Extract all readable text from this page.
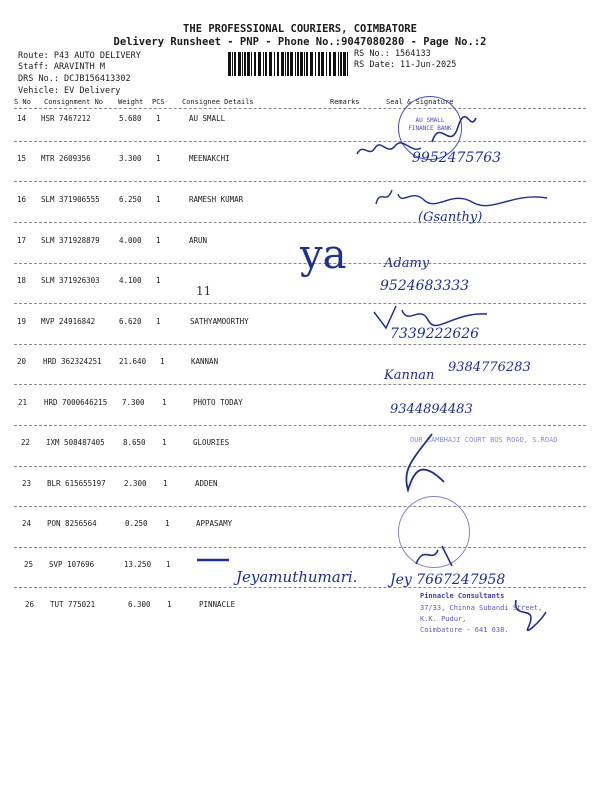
THE PROFESSIONAL COURIERS, COIMBATORE
Delivery Runsheet - PNP - Phone No.:9047080280 - Page No.:2
Route: P43 AUTO DELIVERY
Staff: ARAVINTH M
DRS No.: DCJB156413302
Vehicle: EV Delivery
RS No.: 1564133
RS Date: 11-Jun-2025
S No Consignment No Weight PCS Consignee Details	Remarks	Seal & Signature
14 HSR 7467212	5.680 1	AU SMALL
15 MTR 2609356	3.300 1	MEENAKCHI
16 SLM 371906555	6.250 1	RAMESH KUMAR
17 SLM 371928879	4.000 1	ARUN
18 SLM 371926303	4.100 1
19 MVP 24916842	6.620 1	SATHYAMOORTHY
20 HRD 362324251 21.640 1	KANNAN
21 HRD 7000646215 7.300 1	PHOTO TODAY
22 IXM 508487405 8.650 1	GLOURIES
23 BLR 615655197 2.300 1	ADDEN
24 PON 8256564	0.250 1	APPASAMY
25 SVP 107696	13.250 1
26 TUT 775021	6.300 1	PINNACLE
AU SMALL FINANCE BANK
9952475763
(Gsanthy)
ya
11
Adamy
9524683333
7339222626
Kannan
9384776283
9344894483
OUR SAMBHAJI COURT BUS ROAD, S.ROAD
Jeyamuthumari. Jey 7667247958
Pinnacle Consultants
37/33, Chinna Subandi Street,
K.K. Pudur,
Coimbatore - 641 038.
